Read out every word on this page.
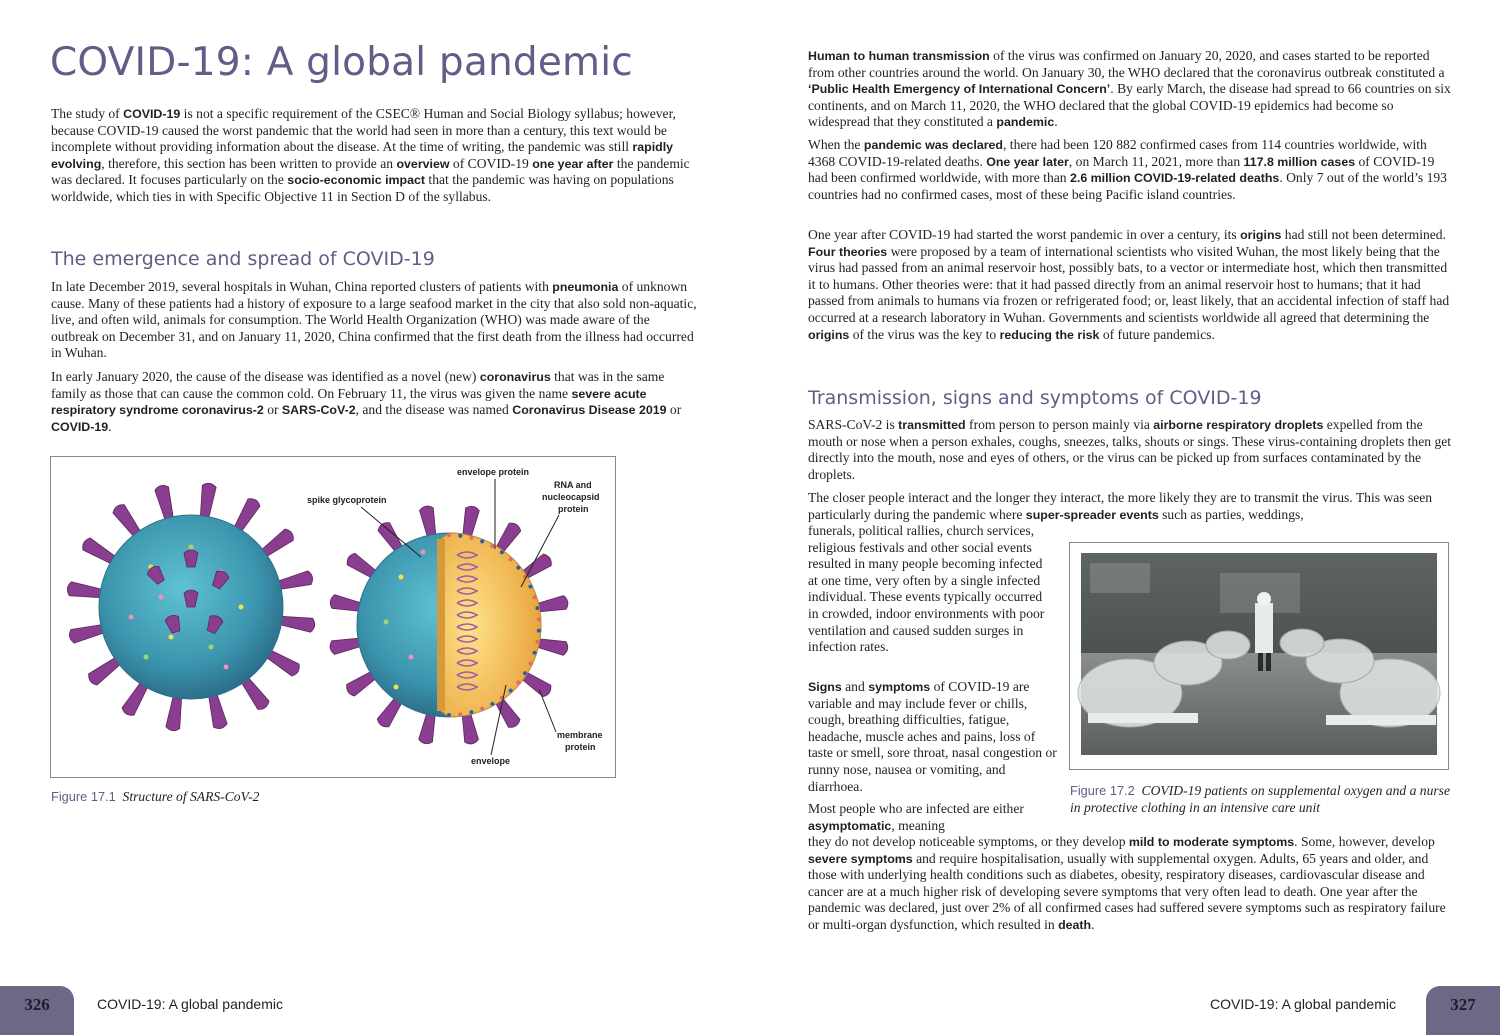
COVID-19: A global pandemic

The study of COVID-19 is not a specific requirement of the CSEC® Human and Social Biology syllabus; however, because COVID-19 caused the worst pandemic that the world had seen in more than a century, this text would be incomplete without providing information about the disease. At the time of writing, the pandemic was still rapidly evolving, therefore, this section has been written to provide an overview of COVID-19 one year after the pandemic was declared. It focuses particularly on the socio-economic impact that the pandemic was having on populations worldwide, which ties in with Specific Objective 11 in Section D of the syllabus.

The emergence and spread of COVID-19

In late December 2019, several hospitals in Wuhan, China reported clusters of patients with pneumonia of unknown cause. Many of these patients had a history of exposure to a large seafood market in the city that also sold non-aquatic, live, and often wild, animals for consumption. The World Health Organization (WHO) was made aware of the outbreak on December 31, and on January 11, 2020, China confirmed that the first death from the illness had occurred in Wuhan.

In early January 2020, the cause of the disease was identified as a novel (new) coronavirus that was in the same family as those that can cause the common cold. On February 11, the virus was given the name severe acute respiratory syndrome coronavirus-2 or SARS-CoV-2, and the disease was named Coronavirus Disease 2019 or COVID-19.

envelope protein
RNA and
nucleocapsid
protein
spike glycoprotein
membrane
protein
envelope
Figure 17.1 Structure of SARS-CoV-2
326	COVID-19: A global pandemic

Human to human transmission of the virus was confirmed on January 20, 2020, and cases started to be reported from other countries around the world. On January 30, the WHO declared that the coronavirus outbreak constituted a ‘Public Health Emergency of International Concern’. By early March, the disease had spread to 66 countries on six continents, and on March 11, 2020, the WHO declared that the global COVID-19 epidemics had become so widespread that they constituted a pandemic.

When the pandemic was declared, there had been 120 882 confirmed cases from 114 countries worldwide, with 4368 COVID-19-related deaths. One year later, on March 11, 2021, more than 117.8 million cases of COVID-19 had been confirmed worldwide, with more than 2.6 million COVID-19-related deaths. Only 7 out of the world’s 193 countries had no confirmed cases, most of these being Pacific island countries.

One year after COVID-19 had started the worst pandemic in over a century, its origins had still not been determined. Four theories were proposed by a team of international scientists who visited Wuhan, the most likely being that the virus had passed from an animal reservoir host, possibly bats, to a vector or intermediate host, which then transmitted it to humans. Other theories were: that it had passed directly from an animal reservoir host to humans; that it had passed from animals to humans via frozen or refrigerated food; or, least likely, that an accidental infection of staff had occurred at a research laboratory in Wuhan. Governments and scientists worldwide all agreed that determining the origins of the virus was the key to reducing the risk of future pandemics.

Transmission, signs and symptoms of COVID-19

SARS-CoV-2 is transmitted from person to person mainly via airborne respiratory droplets expelled from the mouth or nose when a person exhales, coughs, sneezes, talks, shouts or sings. These virus-containing droplets then get directly into the mouth, nose and eyes of others, or the virus can be picked up from surfaces contaminated by the droplets.

The closer people interact and the longer they interact, the more likely they are to transmit the virus. This was seen particularly during the pandemic where super-spreader events such as parties, weddings,

funerals, political rallies, church services, religious festivals and other social events resulted in many people becoming infected at one time, very often by a single infected individual. These events typically occurred in crowded, indoor environments with poor ventilation and caused sudden surges in infection rates.

Signs and symptoms of COVID-19 are variable and may include fever or chills, cough, breathing difficulties, fatigue, headache, muscle aches and pains, loss of taste or smell, sore throat, nasal congestion or runny nose, nausea or vomiting, and diarrhoea.

Most people who are infected are either asymptomatic, meaning

they do not develop noticeable symptoms, or they develop mild to moderate symptoms. Some, however, develop severe symptoms and require hospitalisation, usually with supplemental oxygen. Adults, 65 years and older, and those with underlying health conditions such as diabetes, obesity, respiratory diseases, cardiovascular disease and cancer are at a much higher risk of developing severe symptoms that very often lead to death. One year after the pandemic was declared, just over 2% of all confirmed cases had suffered severe symptoms such as respiratory failure or multi-organ dysfunction, which resulted in death.

Figure 17.2 COVID-19 patients on supplemental oxygen and a nurse in protective clothing in an intensive care unit
COVID-19: A global pandemic	327
